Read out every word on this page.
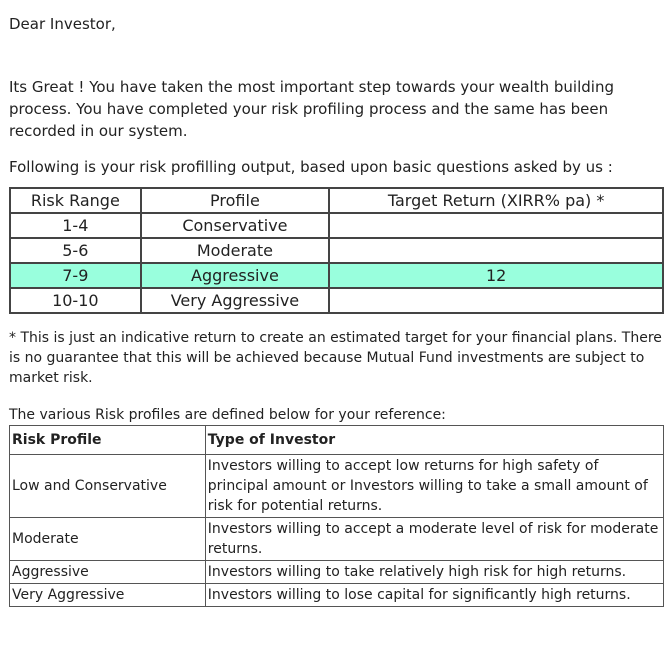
Dear Investor,

Its Great ! You have taken the most important step towards your wealth building process. You have completed your risk profiling process and the same has been recorded in our system.

Following is your risk profilling output, based upon basic questions asked by us :

Risk Range	Profile	Target Return (XIRR% pa) *
1-4	Conservative	
5-6	Moderate	
7-9	Aggressive	12
10-10	Very Aggressive	

* This is just an indicative return to create an estimated target for your financial plans. There is no guarantee that this will be achieved because Mutual Fund investments are subject to market risk.

The various Risk profiles are defined below for your reference:

Risk Profile	Type of Investor
Low and Conservative	Investors willing to accept low returns for high safety of principal amount or Investors willing to take a small amount of risk for potential returns.
Moderate	Investors willing to accept a moderate level of risk for moderate returns.
Aggressive	Investors willing to take relatively high risk for high returns.
Very Aggressive	Investors willing to lose capital for significantly high returns.
